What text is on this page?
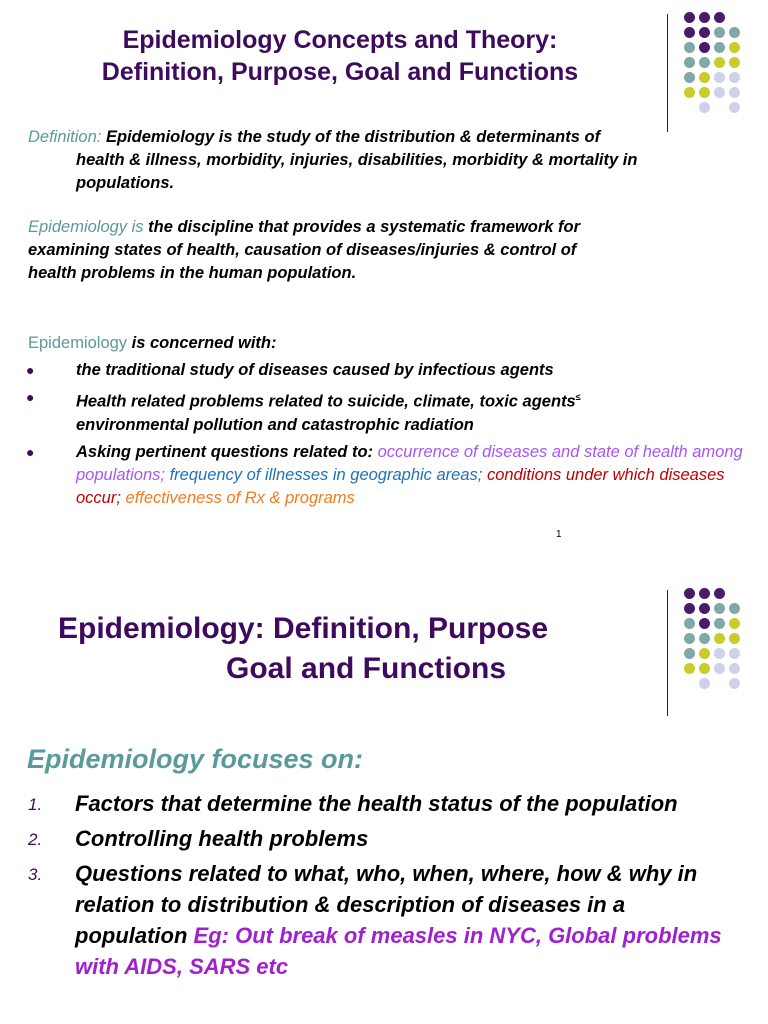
Epidemiology Concepts and Theory:
Definition, Purpose, Goal and Functions
Definition: Epidemiology is the study of the distribution & determinants of
health & illness, morbidity, injuries, disabilities, morbidity & mortality in
populations.
Epidemiology is the discipline that provides a systematic framework for examining states of health, causation of diseases/injuries & control of health problems in the human population.
Epidemiology is concerned with:
●	the traditional study of diseases caused by infectious agents
●	Health related problems related to suicide, climate, toxic agents≤
environmental pollution and catastrophic radiation
●	Asking pertinent questions related to: occurrence of diseases and state of health among populations; frequency of illnesses in geographic areas; conditions under which diseases occur; effectiveness of Rx & programs
1
Epidemiology: Definition, Purpose
Goal and Functions
Epidemiology focuses on:
1. Factors that determine the health status of the population
2. Controlling health problems
3. Questions related to what, who, when, where, how & why in relation to distribution & description of diseases in a population Eg: Out break of measles in NYC, Global problems with AIDS, SARS etc
